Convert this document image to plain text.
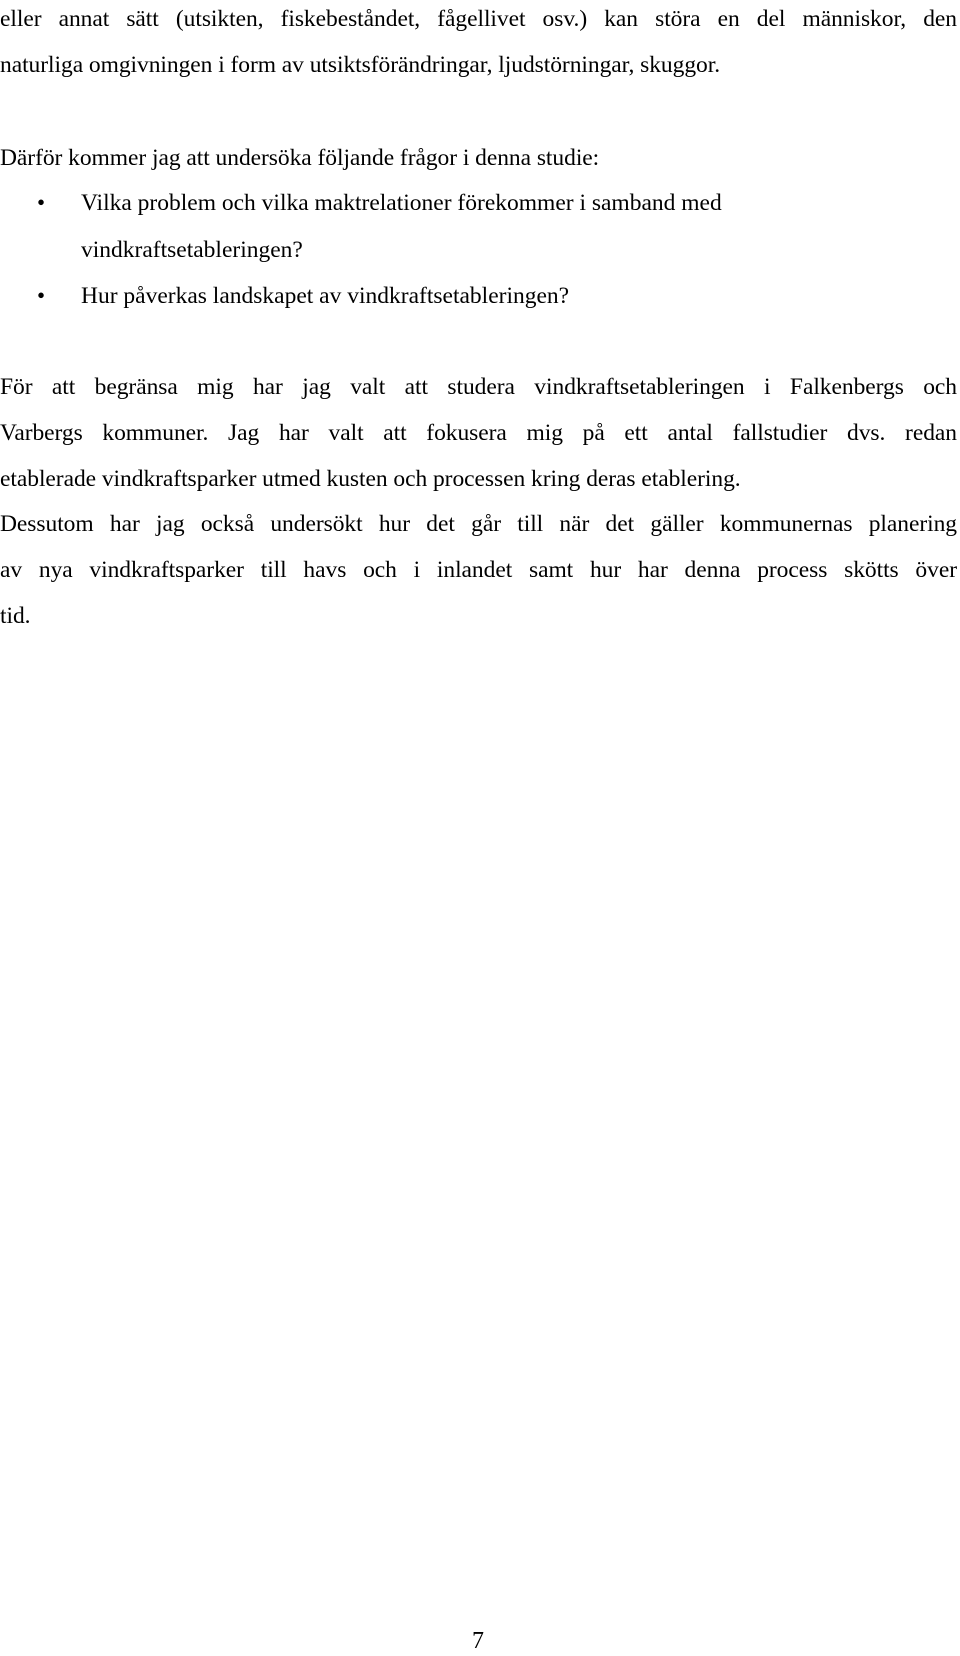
eller annat sätt (utsikten, fiskebeståndet, fågellivet osv.) kan störa en del människor, den
naturliga omgivningen i form av utsiktsförändringar, ljudstörningar, skuggor.
Därför kommer jag att undersöka följande frågor i denna studie:
• Vilka problem och vilka maktrelationer förekommer i samband med
vindkraftsetableringen?
• Hur påverkas landskapet av vindkraftsetableringen?
För att begränsa mig har jag valt att studera vindkraftsetableringen i Falkenbergs och
Varbergs kommuner. Jag har valt att fokusera mig på ett antal fallstudier dvs. redan
etablerade vindkraftsparker utmed kusten och processen kring deras etablering.
Dessutom har jag också undersökt hur det går till när det gäller kommunernas planering
av nya vindkraftsparker till havs och i inlandet samt hur har denna process skötts över
tid.
7
